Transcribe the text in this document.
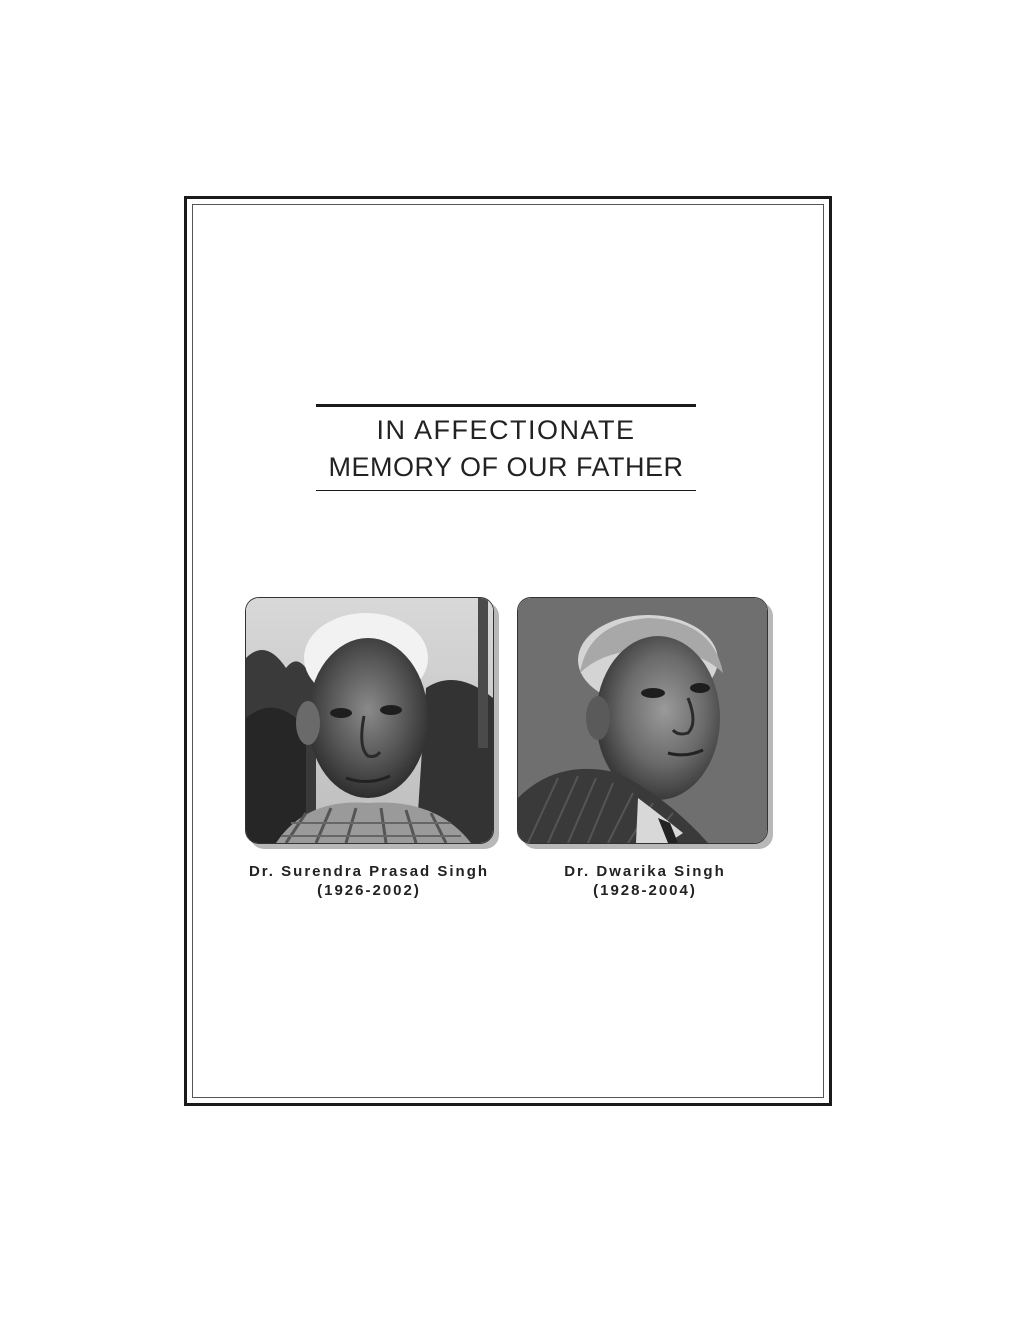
IN AFFECTIONATE
MEMORY OF OUR FATHER
Dr. Surendra Prasad Singh
(1926-2002)
Dr. Dwarika Singh
(1928-2004)
